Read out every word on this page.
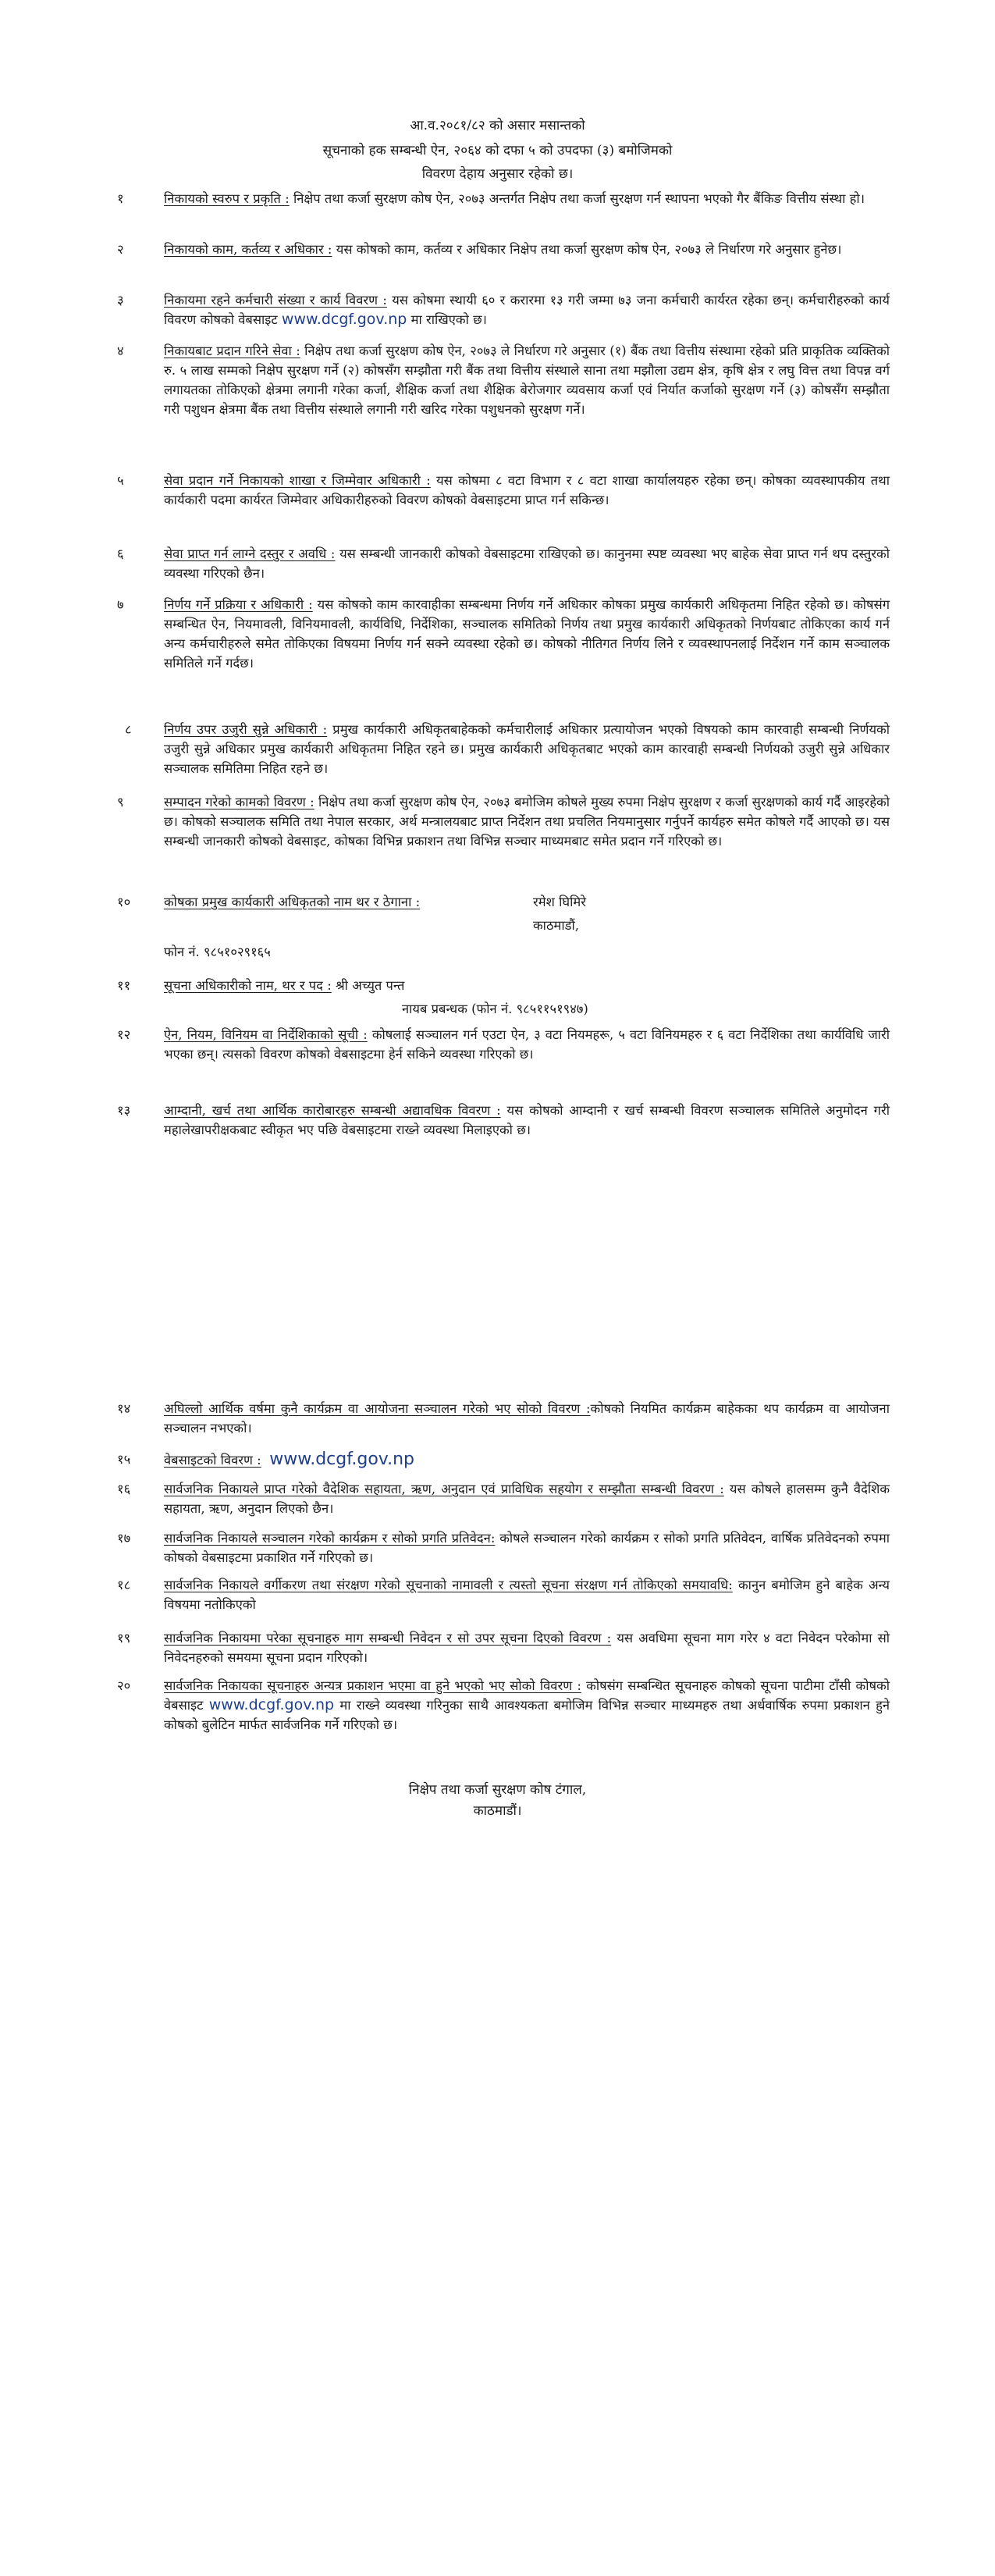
आ.व.२०८१/८२ को असार मसान्तको
सूचनाको हक सम्बन्धी ऐन, २०६४ को दफा ५ को उपदफा (३) बमोजिमको
विवरण देहाय अनुसार रहेको छ।
१	निकायको स्वरुप र प्रकृति : निक्षेप तथा कर्जा सुरक्षण कोष ऐन, २०७३ अन्तर्गत निक्षेप तथा कर्जा सुरक्षण गर्न स्थापना भएको गैर बैंकिङ वित्तीय संस्था हो।
२	निकायको काम, कर्तव्य र अधिकार : यस कोषको काम, कर्तव्य र अधिकार निक्षेप तथा कर्जा सुरक्षण कोष ऐन, २०७३ ले निर्धारण गरे अनुसार हुनेछ।
३	निकायमा रहने कर्मचारी संख्या र कार्य विवरण : यस कोषमा स्थायी ६० र करारमा १३ गरी जम्मा ७३ जना कर्मचारी कार्यरत रहेका छन्। कर्मचारीहरुको कार्य विवरण कोषको वेबसाइट www.dcgf.gov.np मा राखिएको छ।
४	निकायबाट प्रदान गरिने सेवा : निक्षेप तथा कर्जा सुरक्षण कोष ऐन, २०७३ ले निर्धारण गरे अनुसार (१) बैंक तथा वित्तीय संस्थामा रहेको प्रति प्राकृतिक व्यक्तिको रु. ५ लाख सम्मको निक्षेप सुरक्षण गर्ने (२) कोषसँग सम्झौता गरी बैंक तथा वित्तीय संस्थाले साना तथा मझौला उद्यम क्षेत्र, कृषि क्षेत्र र लघु वित्त तथा विपन्न वर्ग लगायतका तोकिएको क्षेत्रमा लगानी गरेका कर्जा, शैक्षिक कर्जा तथा शैक्षिक बेरोजगार व्यवसाय कर्जा एवं निर्यात कर्जाको सुरक्षण गर्ने (३) कोषसँग सम्झौता गरी पशुधन क्षेत्रमा बैंक तथा वित्तीय संस्थाले लगानी गरी खरिद गरेका पशुधनको सुरक्षण गर्ने।
५	सेवा प्रदान गर्ने निकायको शाखा र जिम्मेवार अधिकारी : यस कोषमा ८ वटा विभाग र ८ वटा शाखा कार्यालयहरु रहेका छन्। कोषका व्यवस्थापकीय तथा कार्यकारी पदमा कार्यरत जिम्मेवार अधिकारीहरुको विवरण कोषको वेबसाइटमा प्राप्त गर्न सकिन्छ।
६	सेवा प्राप्त गर्न लाग्ने दस्तुर र अवधि : यस सम्बन्धी जानकारी कोषको वेबसाइटमा राखिएको छ। कानुनमा स्पष्ट व्यवस्था भए बाहेक सेवा प्राप्त गर्न थप दस्तुरको व्यवस्था गरिएको छैन।
७	निर्णय गर्ने प्रक्रिया र अधिकारी : यस कोषको काम कारवाहीका सम्बन्धमा निर्णय गर्ने अधिकार कोषका प्रमुख कार्यकारी अधिकृतमा निहित रहेको छ। कोषसंग सम्बन्धित ऐन, नियमावली, विनियमावली, कार्यविधि, निर्देशिका, सञ्चालक समितिको निर्णय तथा प्रमुख कार्यकारी अधिकृतको निर्णयबाट तोकिएका कार्य गर्न अन्य कर्मचारीहरुले समेत तोकिएका विषयमा निर्णय गर्न सक्ने व्यवस्था रहेको छ। कोषको नीतिगत निर्णय लिने र व्यवस्थापनलाई निर्देशन गर्ने काम सञ्चालक समितिले गर्ने गर्दछ।
८	निर्णय उपर उजुरी सुन्ने अधिकारी : प्रमुख कार्यकारी अधिकृतबाहेकको कर्मचारीलाई अधिकार प्रत्यायोजन भएको विषयको काम कारवाही सम्बन्धी निर्णयको उजुरी सुन्ने अधिकार प्रमुख कार्यकारी अधिकृतमा निहित रहने छ। प्रमुख कार्यकारी अधिकृतबाट भएको काम कारवाही सम्बन्धी निर्णयको उजुरी सुन्ने अधिकार सञ्चालक समितिमा निहित रहने छ।
९	सम्पादन गरेको कामको विवरण : निक्षेप तथा कर्जा सुरक्षण कोष ऐन, २०७३ बमोजिम कोषले मुख्य रुपमा निक्षेप सुरक्षण र कर्जा सुरक्षणको कार्य गर्दै आइरहेको छ। कोषको सञ्चालक समिति तथा नेपाल सरकार, अर्थ मन्त्रालयबाट प्राप्त निर्देशन तथा प्रचलित नियमानुसार गर्नुपर्ने कार्यहरु समेत कोषले गर्दै आएको छ। यस सम्बन्धी जानकारी कोषको वेबसाइट, कोषका विभिन्न प्रकाशन तथा विभिन्न सञ्चार माध्यमबाट समेत प्रदान गर्ने गरिएको छ।
१०	कोषका प्रमुख कार्यकारी अधिकृतको नाम थर र ठेगाना :	रमेश घिमिरे
काठमाडौं,
फोन नं. ९८५१०२९१६५
११	सूचना अधिकारीको नाम, थर र पद : श्री अच्युत पन्त
नायब प्रबन्धक (फोन नं. ९८५११५१९४७)
१२	ऐन, नियम, विनियम वा निर्देशिकाको सूची : कोषलाई सञ्चालन गर्न एउटा ऐन, ३ वटा नियमहरू, ५ वटा विनियमहरु र ६ वटा निर्देशिका तथा कार्यविधि जारी भएका छन्। त्यसको विवरण कोषको वेबसाइटमा हेर्न सकिने व्यवस्था गरिएको छ।
१३	आम्दानी, खर्च तथा आर्थिक कारोबारहरु सम्बन्धी अद्यावधिक विवरण : यस कोषको आम्दानी र खर्च सम्बन्धी विवरण सञ्चालक समितिले अनुमोदन गरी महालेखापरीक्षकबाट स्वीकृत भए पछि वेबसाइटमा राख्ने व्यवस्था मिलाइएको छ।
१४	अघिल्लो आर्थिक वर्षमा कुनै कार्यक्रम वा आयोजना सञ्चालन गरेको भए सोको विवरण :कोषको नियमित कार्यक्रम बाहेकका थप कार्यक्रम वा आयोजना सञ्चालन नभएको।
१५	वेबसाइटको विवरण : www.dcgf.gov.np
१६	सार्वजनिक निकायले प्राप्त गरेको वैदेशिक सहायता, ऋण, अनुदान एवं प्राविधिक सहयोग र सम्झौता सम्बन्धी विवरण : यस कोषले हालसम्म कुनै वैदेशिक सहायता, ऋण, अनुदान लिएको छैन।
१७	सार्वजनिक निकायले सञ्चालन गरेको कार्यक्रम र सोको प्रगति प्रतिवेदन: कोषले सञ्चालन गरेको कार्यक्रम र सोको प्रगति प्रतिवेदन, वार्षिक प्रतिवेदनको रुपमा कोषको वेबसाइटमा प्रकाशित गर्ने गरिएको छ।
१८	सार्वजनिक निकायले वर्गीकरण तथा संरक्षण गरेको सूचनाको नामावली र त्यस्तो सूचना संरक्षण गर्न तोकिएको समयावधि: कानुन बमोजिम हुने बाहेक अन्य विषयमा नतोकिएको
१९	सार्वजनिक निकायमा परेका सूचनाहरु माग सम्बन्धी निवेदन र सो उपर सूचना दिएको विवरण : यस अवधिमा सूचना माग गरेर ४ वटा निवेदन परेकोमा सो निवेदनहरुको समयमा सूचना प्रदान गरिएको।
२०	सार्वजनिक निकायका सूचनाहरु अन्यत्र प्रकाशन भएमा वा हुने भएको भए सोको विवरण : कोषसंग सम्बन्धित सूचनाहरु कोषको सूचना पाटीमा टाँसी कोषको वेबसाइट www.dcgf.gov.np मा राख्ने व्यवस्था गरिनुका साथै आवश्यकता बमोजिम विभिन्न सञ्चार माध्यमहरु तथा अर्धवार्षिक रुपमा प्रकाशन हुने कोषको बुलेटिन मार्फत सार्वजनिक गर्ने गरिएको छ।
निक्षेप तथा कर्जा सुरक्षण कोष टंगाल,
काठमाडौं।
